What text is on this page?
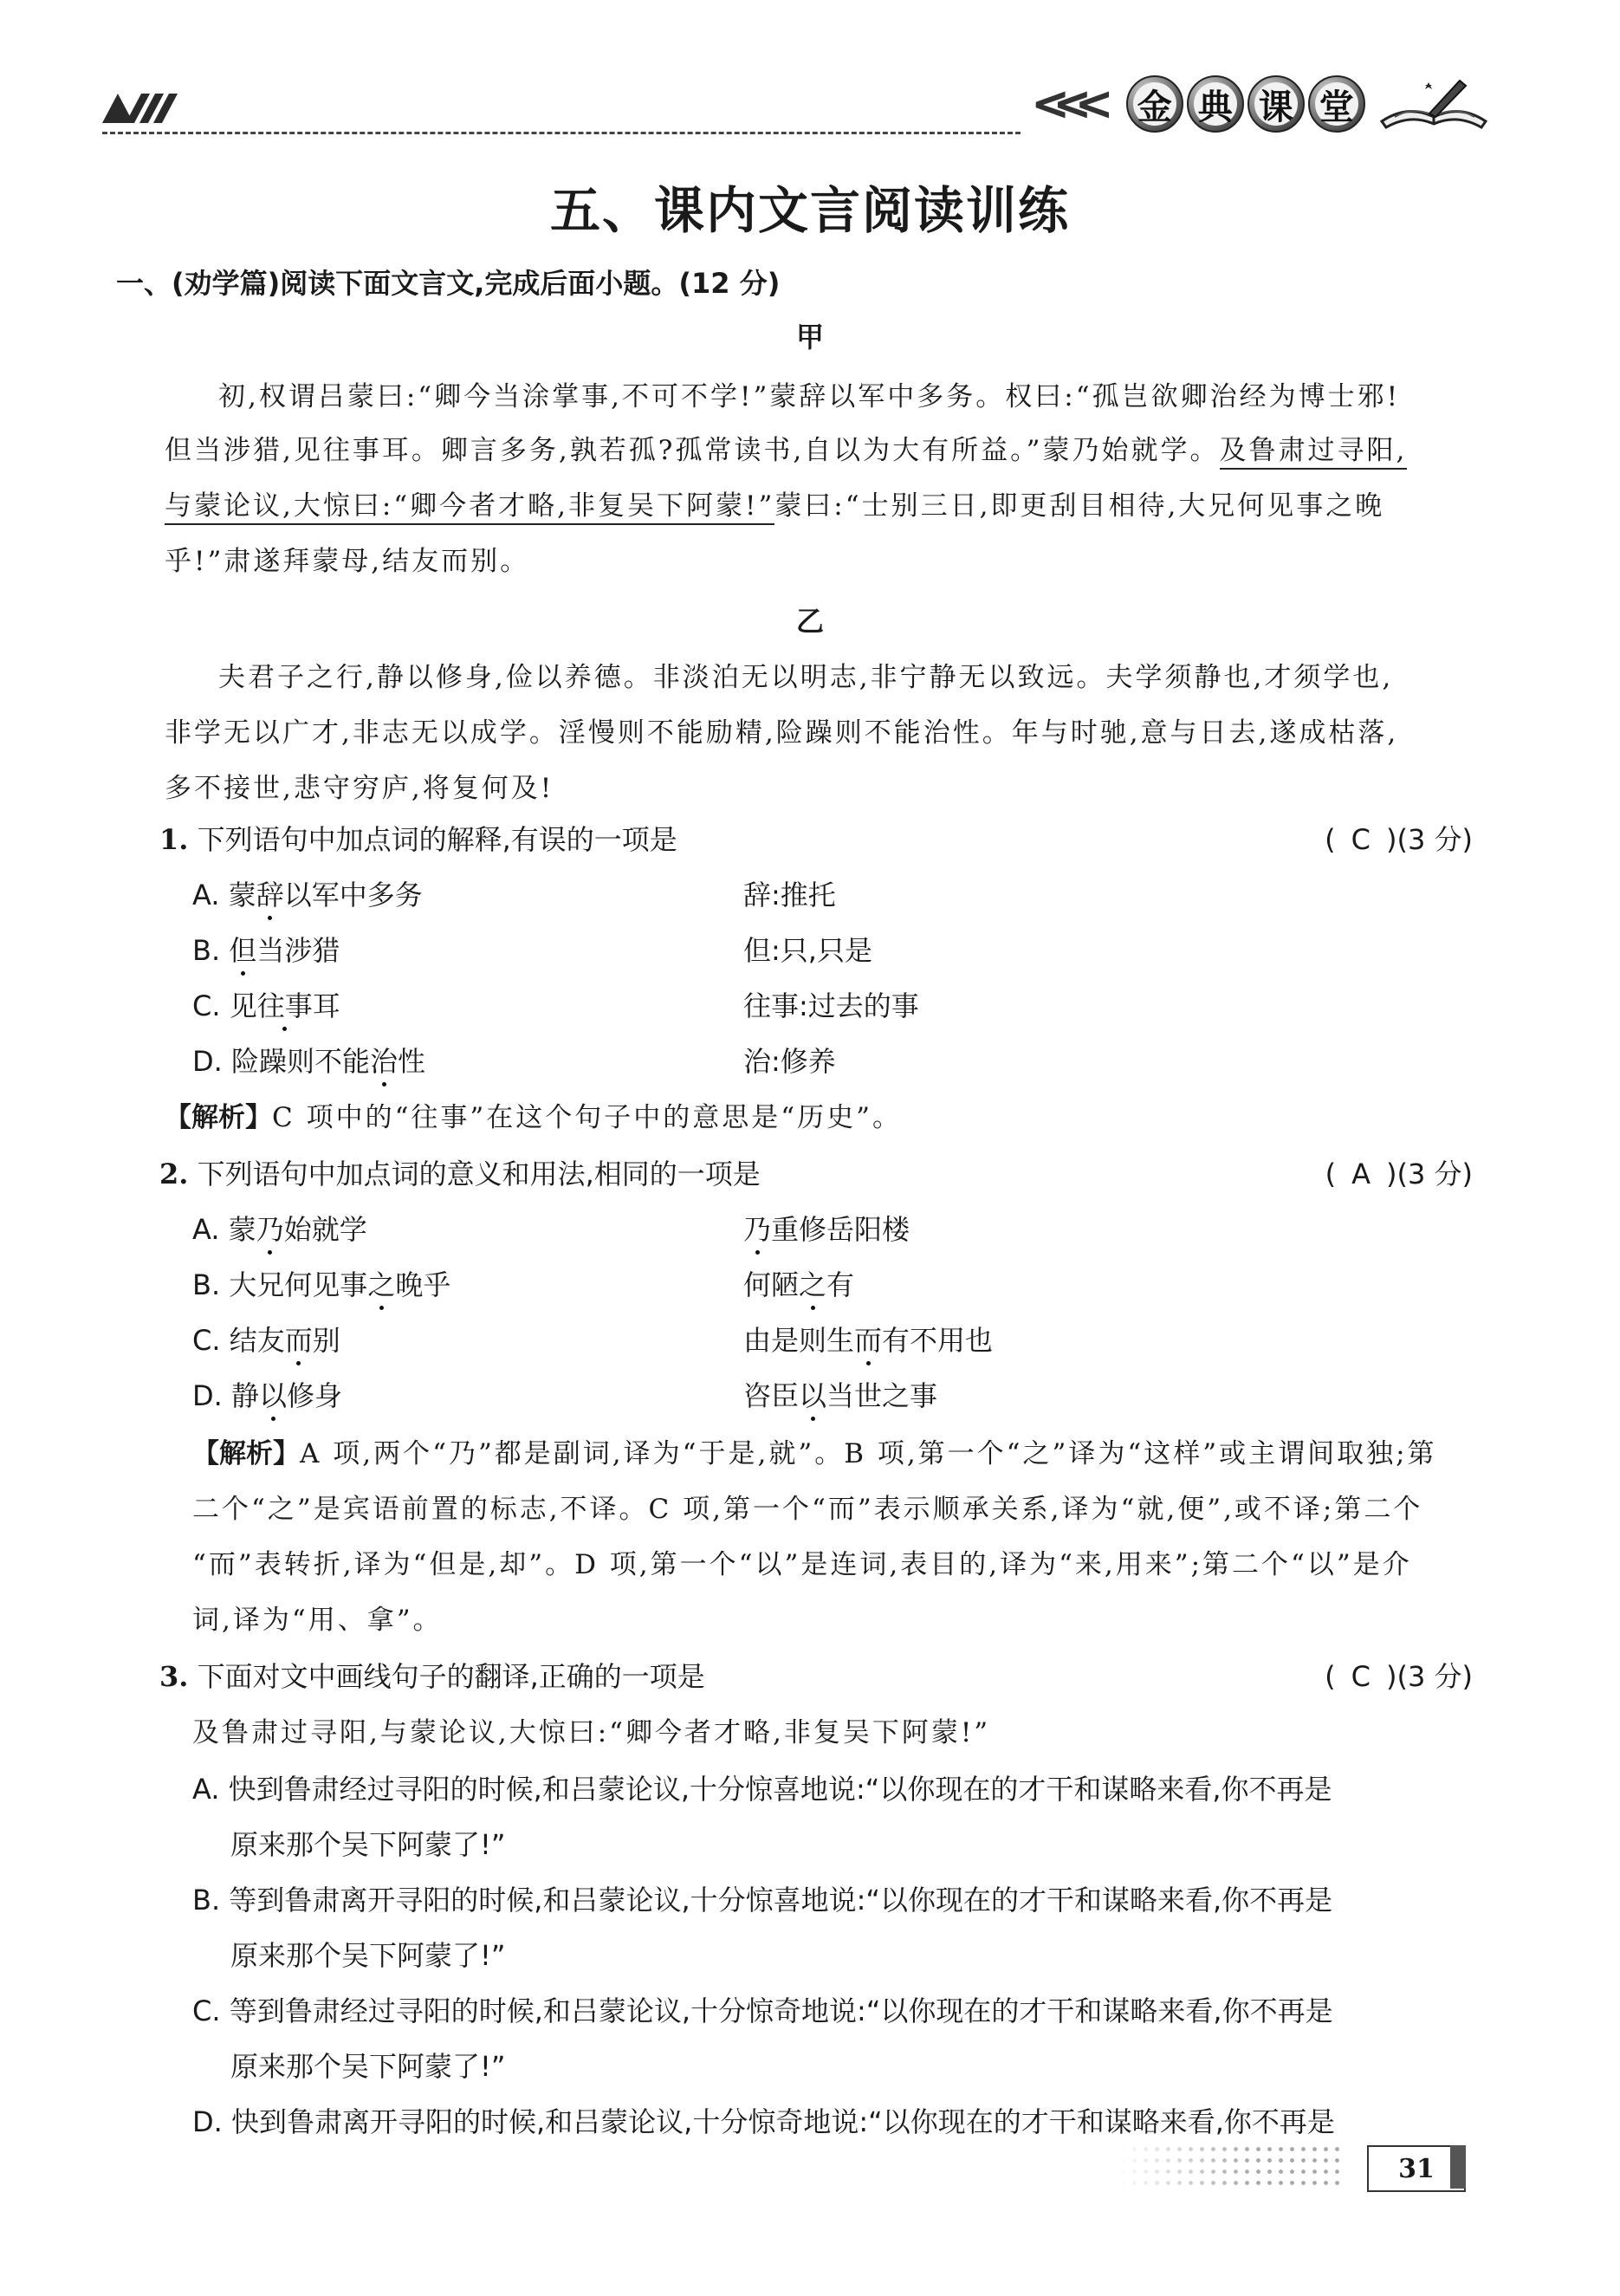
<<< 金 典 课 堂
五、课内文言阅读训练
一、(劝学篇)阅读下面文言文,完成后面小题。(12 分)
甲
初,权谓吕蒙曰:“卿今当涂掌事,不可不学!”蒙辞以军中多务。权曰:“孤岂欲卿治经为博士邪!
但当涉猎,见往事耳。卿言多务,孰若孤?孤常读书,自以为大有所益。”蒙乃始就学。及鲁肃过寻阳,
与蒙论议,大惊曰:“卿今者才略,非复吴下阿蒙!”蒙曰:“士别三日,即更刮目相待,大兄何见事之晚
乎!”肃遂拜蒙母,结友而别。
乙
夫君子之行,静以修身,俭以养德。非淡泊无以明志,非宁静无以致远。夫学须静也,才须学也,
非学无以广才,非志无以成学。淫慢则不能励精,险躁则不能治性。年与时驰,意与日去,遂成枯落,
多不接世,悲守穷庐,将复何及!
1. 下列语句中加点词的解释,有误的一项是	( C )(3 分)
A. 蒙辞以军中多务	辞:推托
B. 但当涉猎	但:只,只是
C. 见往事耳	往事:过去的事
D. 险躁则不能治性	治:修养
【解析】C 项中的“往事”在这个句子中的意思是“历史”。
2. 下列语句中加点词的意义和用法,相同的一项是	( A )(3 分)
A. 蒙乃始就学	乃重修岳阳楼
B. 大兄何见事之晚乎	何陋之有
C. 结友而别	由是则生而有不用也
D. 静以修身	咨臣以当世之事
【解析】A 项,两个“乃”都是副词,译为“于是,就”。B 项,第一个“之”译为“这样”或主谓间取独;第
二个“之”是宾语前置的标志,不译。C 项,第一个“而”表示顺承关系,译为“就,便”,或不译;第二个
“而”表转折,译为“但是,却”。D 项,第一个“以”是连词,表目的,译为“来,用来”;第二个“以”是介
词,译为“用、拿”。
3. 下面对文中画线句子的翻译,正确的一项是	( C )(3 分)
及鲁肃过寻阳,与蒙论议,大惊曰:“卿今者才略,非复吴下阿蒙!”
A. 快到鲁肃经过寻阳的时候,和吕蒙论议,十分惊喜地说:“以你现在的才干和谋略来看,你不再是
原来那个吴下阿蒙了!”
B. 等到鲁肃离开寻阳的时候,和吕蒙论议,十分惊喜地说:“以你现在的才干和谋略来看,你不再是
原来那个吴下阿蒙了!”
C. 等到鲁肃经过寻阳的时候,和吕蒙论议,十分惊奇地说:“以你现在的才干和谋略来看,你不再是
原来那个吴下阿蒙了!”
D. 快到鲁肃离开寻阳的时候,和吕蒙论议,十分惊奇地说:“以你现在的才干和谋略来看,你不再是
31
